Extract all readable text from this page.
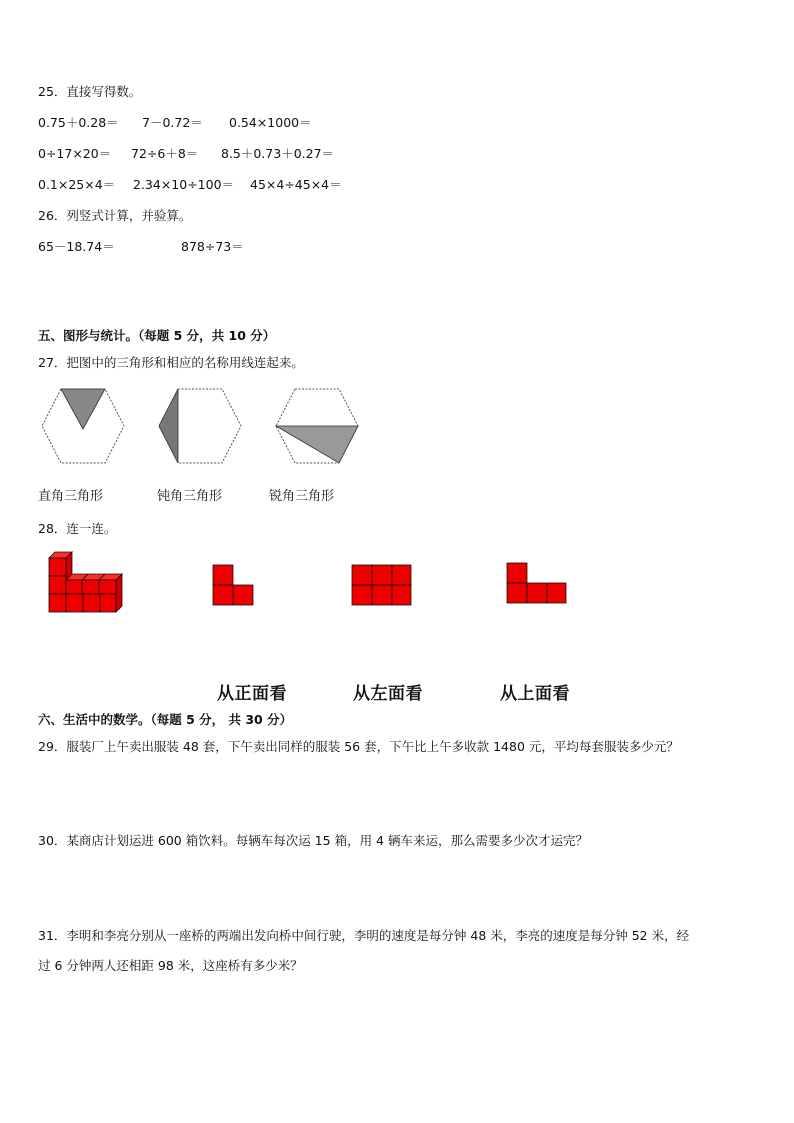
25．直接写得数。
0.75＋0.28＝ 7－0.72＝ 0.54×1000＝
0÷17×20＝ 72÷6＋8＝ 8.5＋0.73＋0.27＝
0.1×25×4＝ 2.34×10÷100＝ 45×4÷45×4＝
26．列竖式计算，并验算。
65－18.74＝	878÷73＝
五、图形与统计。（每题 5 分，共 10 分）
27．把图中的三角形和相应的名称用线连起来。
直角三角形	钝角三角形	锐角三角形
28．连一连。
从正面看	从左面看	从上面看
六、生活中的数学。（每题 5 分， 共 30 分）
29．服装厂上午卖出服装 48 套，下午卖出同样的服装 56 套，下午比上午多收款 1480 元，平均每套服装多少元？
30．某商店计划运进 600 箱饮料。每辆车每次运 15 箱，用 4 辆车来运，那么需要多少次才运完？
31．李明和李亮分别从一座桥的两端出发向桥中间行驶，李明的速度是每分钟 48 米，李亮的速度是每分钟 52 米，经
过 6 分钟两人还相距 98 米，这座桥有多少米？
